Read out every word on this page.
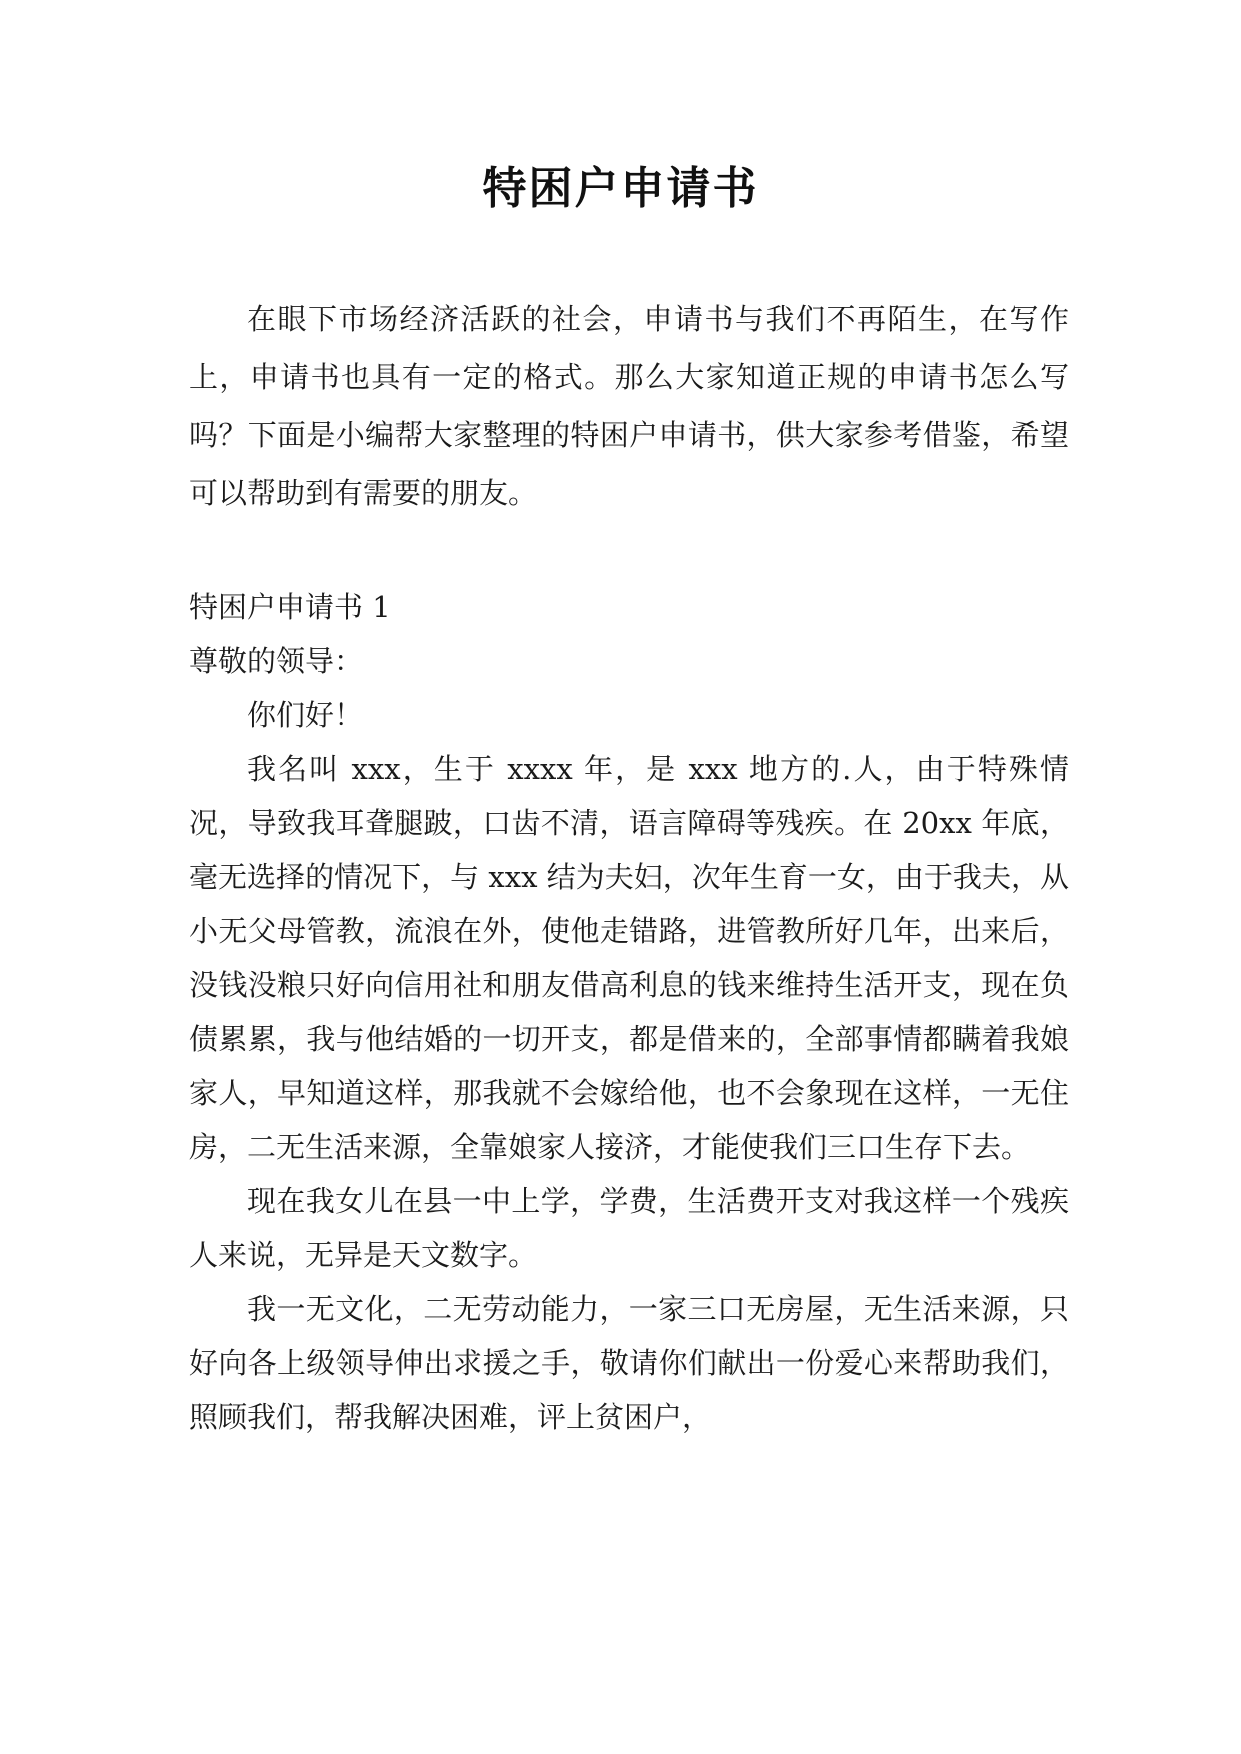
特困户申请书

在眼下市场经济活跃的社会，申请书与我们不再陌生，在写作上，申请书也具有一定的格式。那么大家知道正规的申请书怎么写吗？下面是小编帮大家整理的特困户申请书，供大家参考借鉴，希望可以帮助到有需要的朋友。

特困户申请书 1

尊敬的领导：

你们好！

我名叫 xxx，生于 xxxx 年，是 xxx 地方的.人，由于特殊情况，导致我耳聋腿跛，口齿不清，语言障碍等残疾。在 20xx 年底，毫无选择的情况下，与 xxx 结为夫妇，次年生育一女，由于我夫，从小无父母管教，流浪在外，使他走错路，进管教所好几年，出来后，没钱没粮只好向信用社和朋友借高利息的钱来维持生活开支，现在负债累累，我与他结婚的一切开支，都是借来的，全部事情都瞒着我娘家人，早知道这样，那我就不会嫁给他，也不会象现在这样，一无住房，二无生活来源，全靠娘家人接济，才能使我们三口生存下去。

现在我女儿在县一中上学，学费，生活费开支对我这样一个残疾人来说，无异是天文数字。

我一无文化，二无劳动能力，一家三口无房屋，无生活来源，只好向各上级领导伸出求援之手，敬请你们献出一份爱心来帮助我们，照顾我们，帮我解决困难，评上贫困户，
